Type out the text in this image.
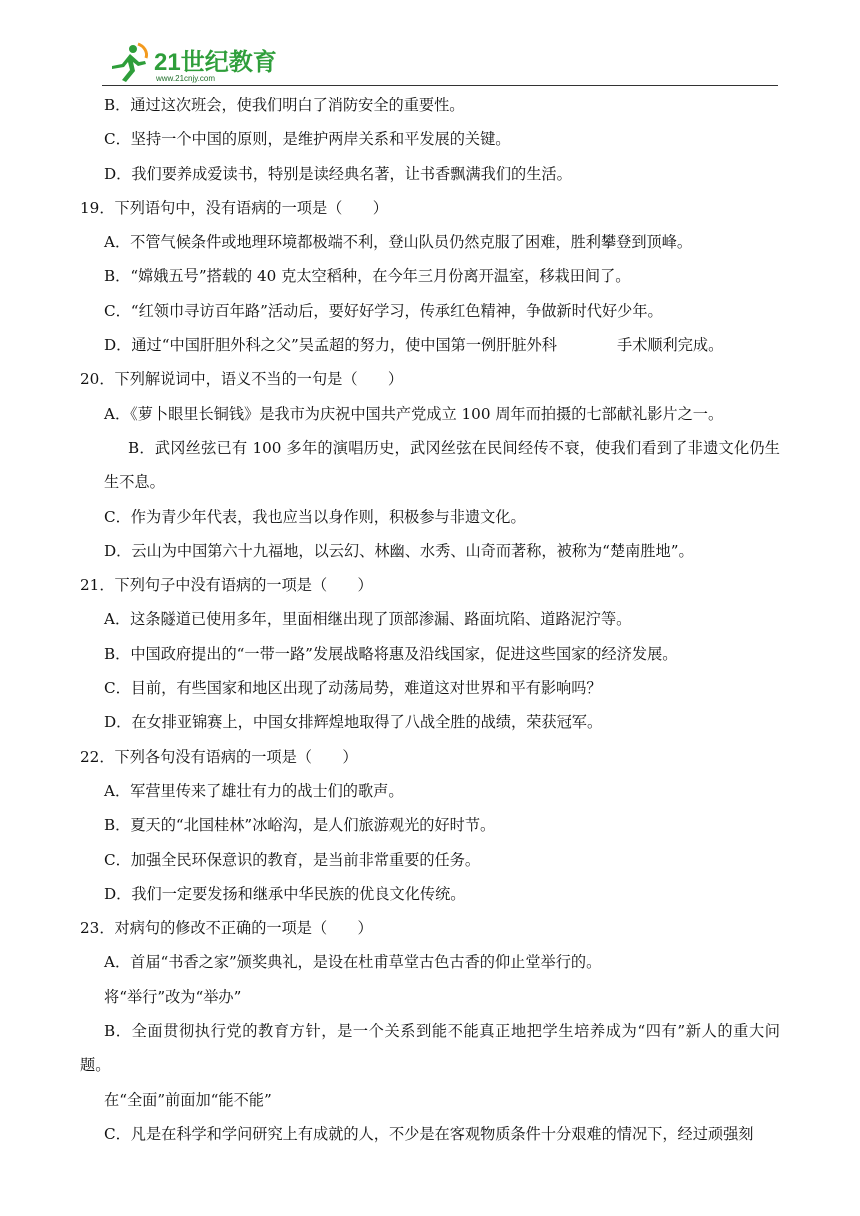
21世纪教育
www.21cnjy.com
B．通过这次班会，使我们明白了消防安全的重要性。
C．坚持一个中国的原则，是维护两岸关系和平发展的关键。
D．我们要养成爱读书，特别是读经典名著，让书香飘满我们的生活。
19．下列语句中，没有语病的一项是（　　）
A．不管气候条件或地理环境都极端不利，登山队员仍然克服了困难，胜利攀登到顶峰。
B．“嫦娥五号”搭载的 40 克太空稻种，在今年三月份离开温室，移栽田间了。
C．“红领巾寻访百年路”活动后，要好好学习，传承红色精神，争做新时代好少年。
D．通过“中国肝胆外科之父”吴孟超的努力，使中国第一例肝脏外科	手术顺利完成。
20．下列解说词中，语义不当的一句是（　　）
A．《萝卜眼里长铜钱》是我市为庆祝中国共产党成立 100 周年而拍摄的七部献礼影片之一。
B．武冈丝弦已有 100 多年的演唱历史，武冈丝弦在民间经传不衰，使我们看到了非遗文化仍生生不息。
C．作为青少年代表，我也应当以身作则，积极参与非遗文化。
D．云山为中国第六十九福地，以云幻、林幽、水秀、山奇而著称，被称为“楚南胜地”。
21．下列句子中没有语病的一项是（　　）
A．这条隧道已使用多年，里面相继出现了顶部渗漏、路面坑陷、道路泥泞等。
B．中国政府提出的“一带一路”发展战略将惠及沿线国家，促进这些国家的经济发展。
C．目前，有些国家和地区出现了动荡局势，难道这对世界和平有影响吗？
D．在女排亚锦赛上，中国女排辉煌地取得了八战全胜的战绩，荣获冠军。
22．下列各句没有语病的一项是（　　）
A．军营里传来了雄壮有力的战士们的歌声。
B．夏天的“北国桂林”冰峪沟，是人们旅游观光的好时节。
C．加强全民环保意识的教育，是当前非常重要的任务。
D．我们一定要发扬和继承中华民族的优良文化传统。
23．对病句的修改不正确的一项是（　　）
A．首届“书香之家”颁奖典礼，是设在杜甫草堂古色古香的仰止堂举行的。
将“举行”改为“举办”
B．全面贯彻执行党的教育方针，是一个关系到能不能真正地把学生培养成为“四有”新人的重大问题。
在“全面”前面加“能不能”
C．凡是在科学和学问研究上有成就的人，不少是在客观物质条件十分艰难的情况下，经过顽强刻
